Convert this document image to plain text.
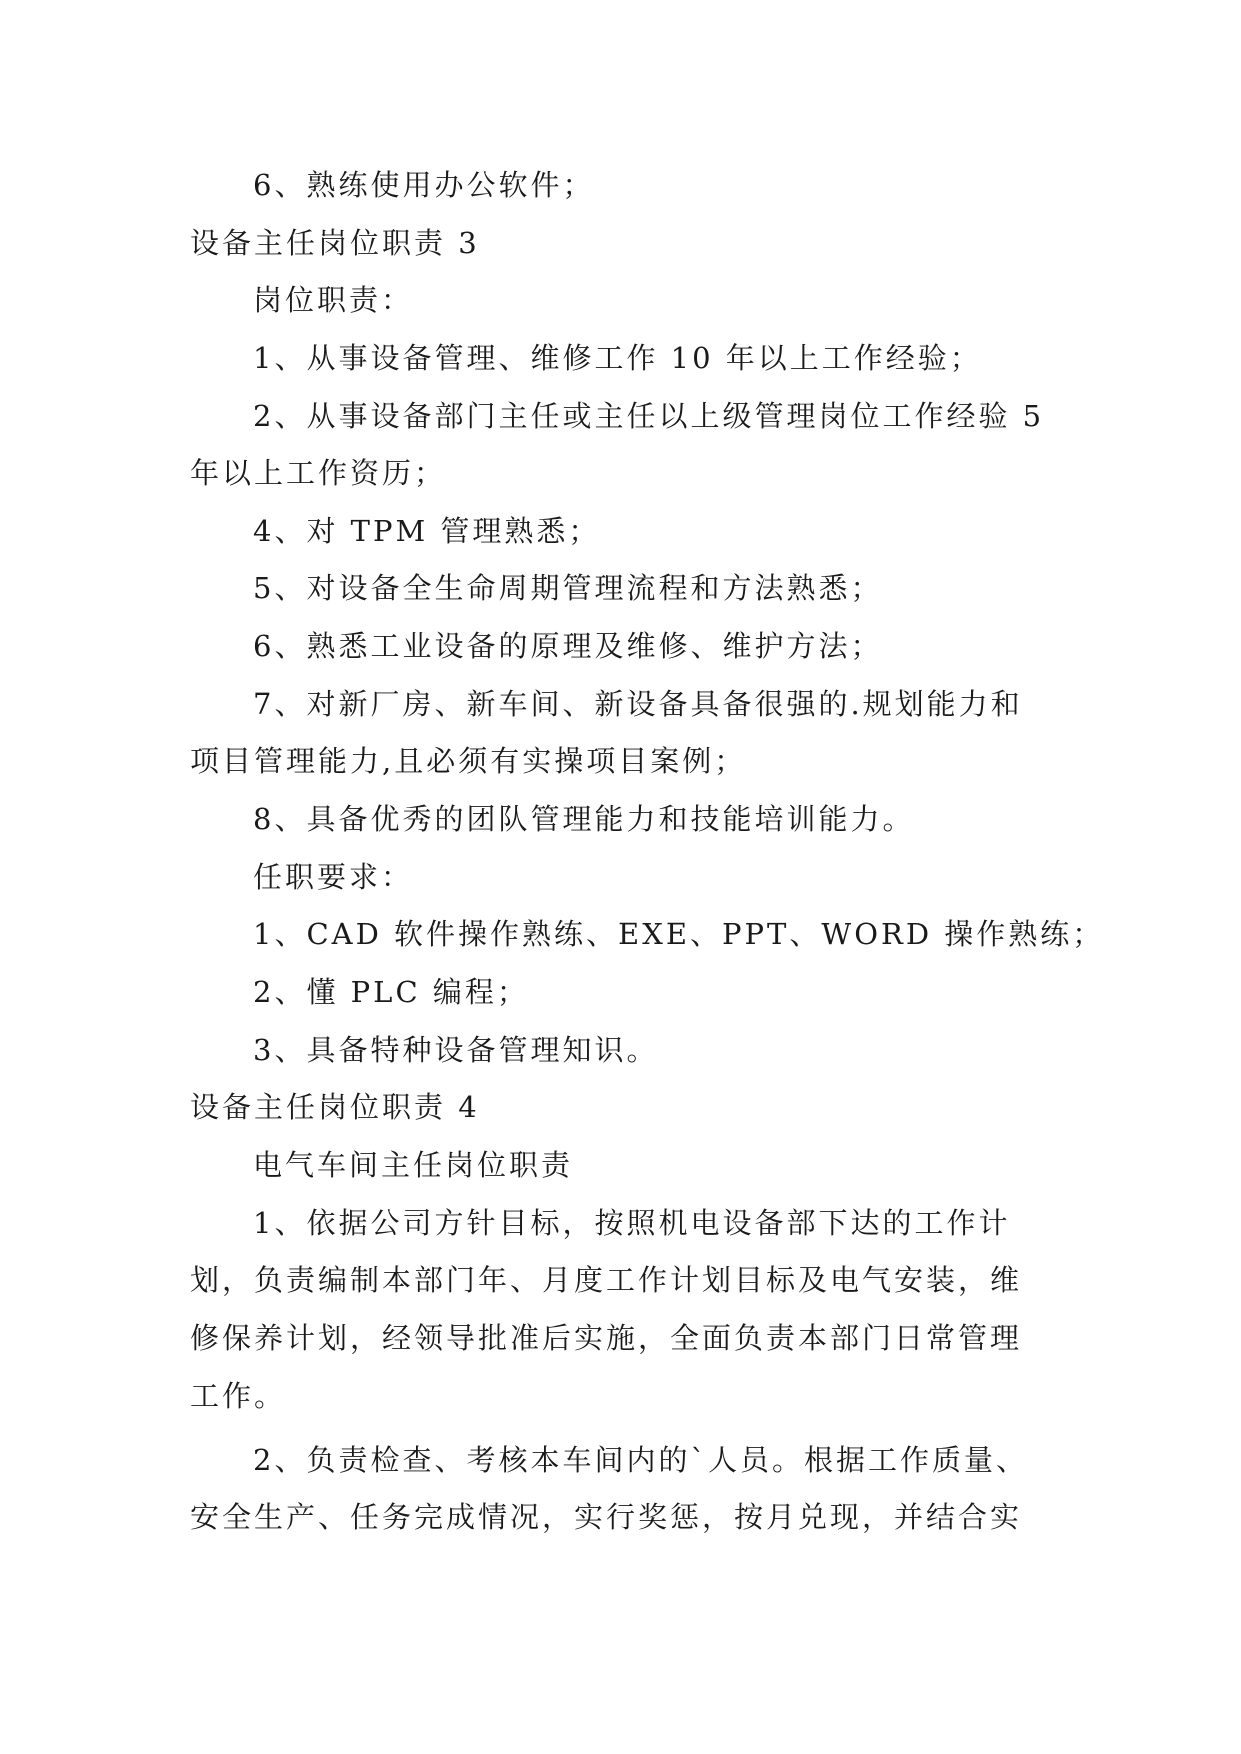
6、熟练使用办公软件；
设备主任岗位职责 3
岗位职责：
1、从事设备管理、维修工作 10 年以上工作经验；
2、从事设备部门主任或主任以上级管理岗位工作经验 5
年以上工作资历；
4、对 TPM 管理熟悉；
5、对设备全生命周期管理流程和方法熟悉；
6、熟悉工业设备的原理及维修、维护方法；
7、对新厂房、新车间、新设备具备很强的.规划能力和
项目管理能力,且必须有实操项目案例；
8、具备优秀的团队管理能力和技能培训能力。
任职要求：
1、CAD 软件操作熟练、EXE、PPT、WORD 操作熟练；
2、懂 PLC 编程；
3、具备特种设备管理知识。
设备主任岗位职责 4
电气车间主任岗位职责
1、依据公司方针目标，按照机电设备部下达的工作计
划，负责编制本部门年、月度工作计划目标及电气安装，维
修保养计划，经领导批准后实施，全面负责本部门日常管理
工作。
2、负责检查、考核本车间内的`人员。根据工作质量、
安全生产、任务完成情况，实行奖惩，按月兑现，并结合实
